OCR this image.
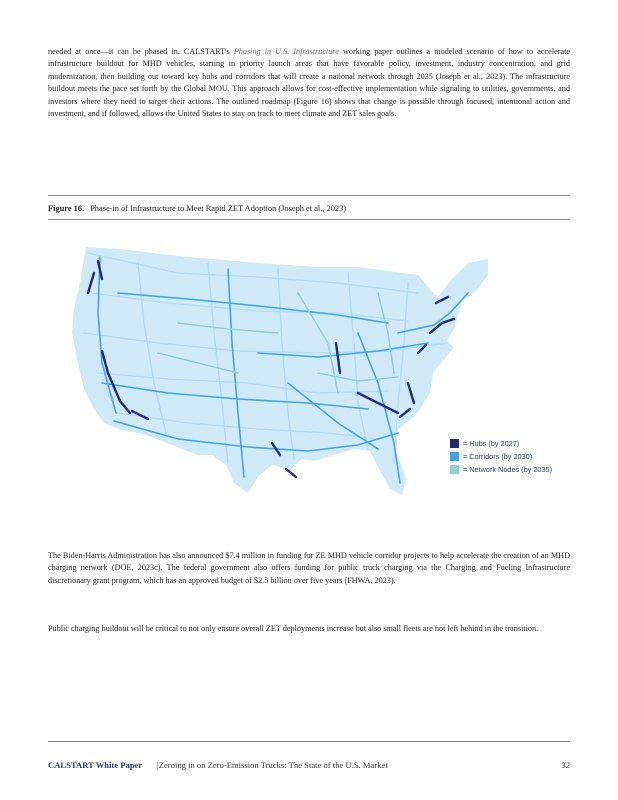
needed at once—it can be phased in. CALSTART's Phasing in U.S. Infrastructure working paper outlines a modeled scenario of how to accelerate infrastructure buildout for MHD vehicles, starting in priority launch areas that have favorable policy, investment, industry concentration, and grid modernization, then building out toward key hubs and corridors that will create a national network through 2035 (Joseph et al., 2023). The infrastructure buildout meets the pace set forth by the Global MOU. This approach allows for cost-effective implementation while signaling to utilities, governments, and investors where they need to target their actions. The outlined roadmap (Figure 16) shows that change is possible through focused, intentional action and investment, and if followed, allows the United States to stay on track to meet climate and ZET sales goals.

Figure 16. Phase-in of Infrastructure to Meet Rapid ZET Adoption (Joseph et al., 2023)
= Hubs (by 2027)
= Corridors (by 2030)
= Network Nodes (by 2035)

The Biden-Harris Administration has also announced $7.4 million in funding for ZE MHD vehicle corridor projects to help accelerate the creation of an MHD charging network (DOE, 2023c). The federal government also offers funding for public truck charging via the Charging and Fueling Infrastructure discretionary grant program, which has an approved budget of $2.5 billion over five years (FHWA, 2023).

Public charging buildout will be critical to not only ensure overall ZET deployments increase but also small fleets are not left behind in the transition.

CALSTART White Paper |Zeroing in on Zero-Emission Trucks: The State of the U.S. Market	32
